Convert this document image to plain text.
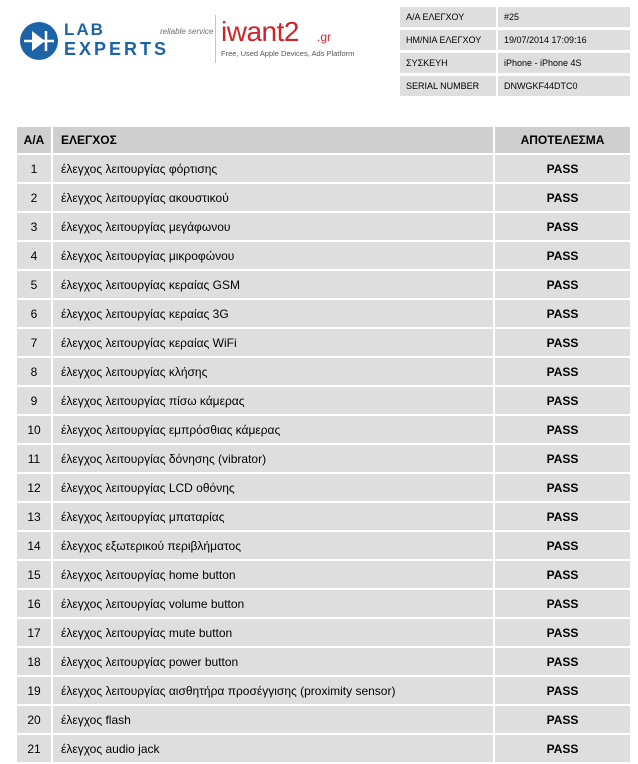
LAB
EXPERTS
reliable service iwant2 .gr
Free, Used Apple Devices, Ads Platform
Α/Α ΕΛΕΓΧΟΥ	#25
ΗΜ/ΝΙΑ ΕΛΕΓΧΟΥ	19/07/2014 17:09:16
ΣΥΣΚΕΥΗ	iPhone - iPhone 4S
SERIAL NUMBER	DNWGKF44DTC0
Α/Α	ΕΛΕΓΧΟΣ	ΑΠΟΤΕΛΕΣΜΑ
1	έλεγχος λειτουργίας φόρτισης	PASS
2	έλεγχος λειτουργίας ακουστικού	PASS
3	έλεγχος λειτουργίας μεγάφωνου	PASS
4	έλεγχος λειτουργίας μικροφώνου	PASS
5	έλεγχος λειτουργίας κεραίας GSM	PASS
6	έλεγχος λειτουργίας κεραίας 3G	PASS
7	έλεγχος λειτουργίας κεραίας WiFi	PASS
8	έλεγχος λειτουργίας κλήσης	PASS
9	έλεγχος λειτουργίας πίσω κάμερας	PASS
10	έλεγχος λειτουργίας εμπρόσθιας κάμερας	PASS
11	έλεγχος λειτουργίας δόνησης (vibrator)	PASS
12	έλεγχος λειτουργίας LCD οθόνης	PASS
13	έλεγχος λειτουργίας μπαταρίας	PASS
14	έλεγχος εξωτερικού περιβλήματος	PASS
15	έλεγχος λειτουργίας home button	PASS
16	έλεγχος λειτουργίας volume button	PASS
17	έλεγχος λειτουργίας mute button	PASS
18	έλεγχος λειτουργίας power button	PASS
19	έλεγχος λειτουργίας αισθητήρα προσέγγισης (proximity sensor)	PASS
20	έλεγχος flash	PASS
21	έλεγχος audio jack	PASS
